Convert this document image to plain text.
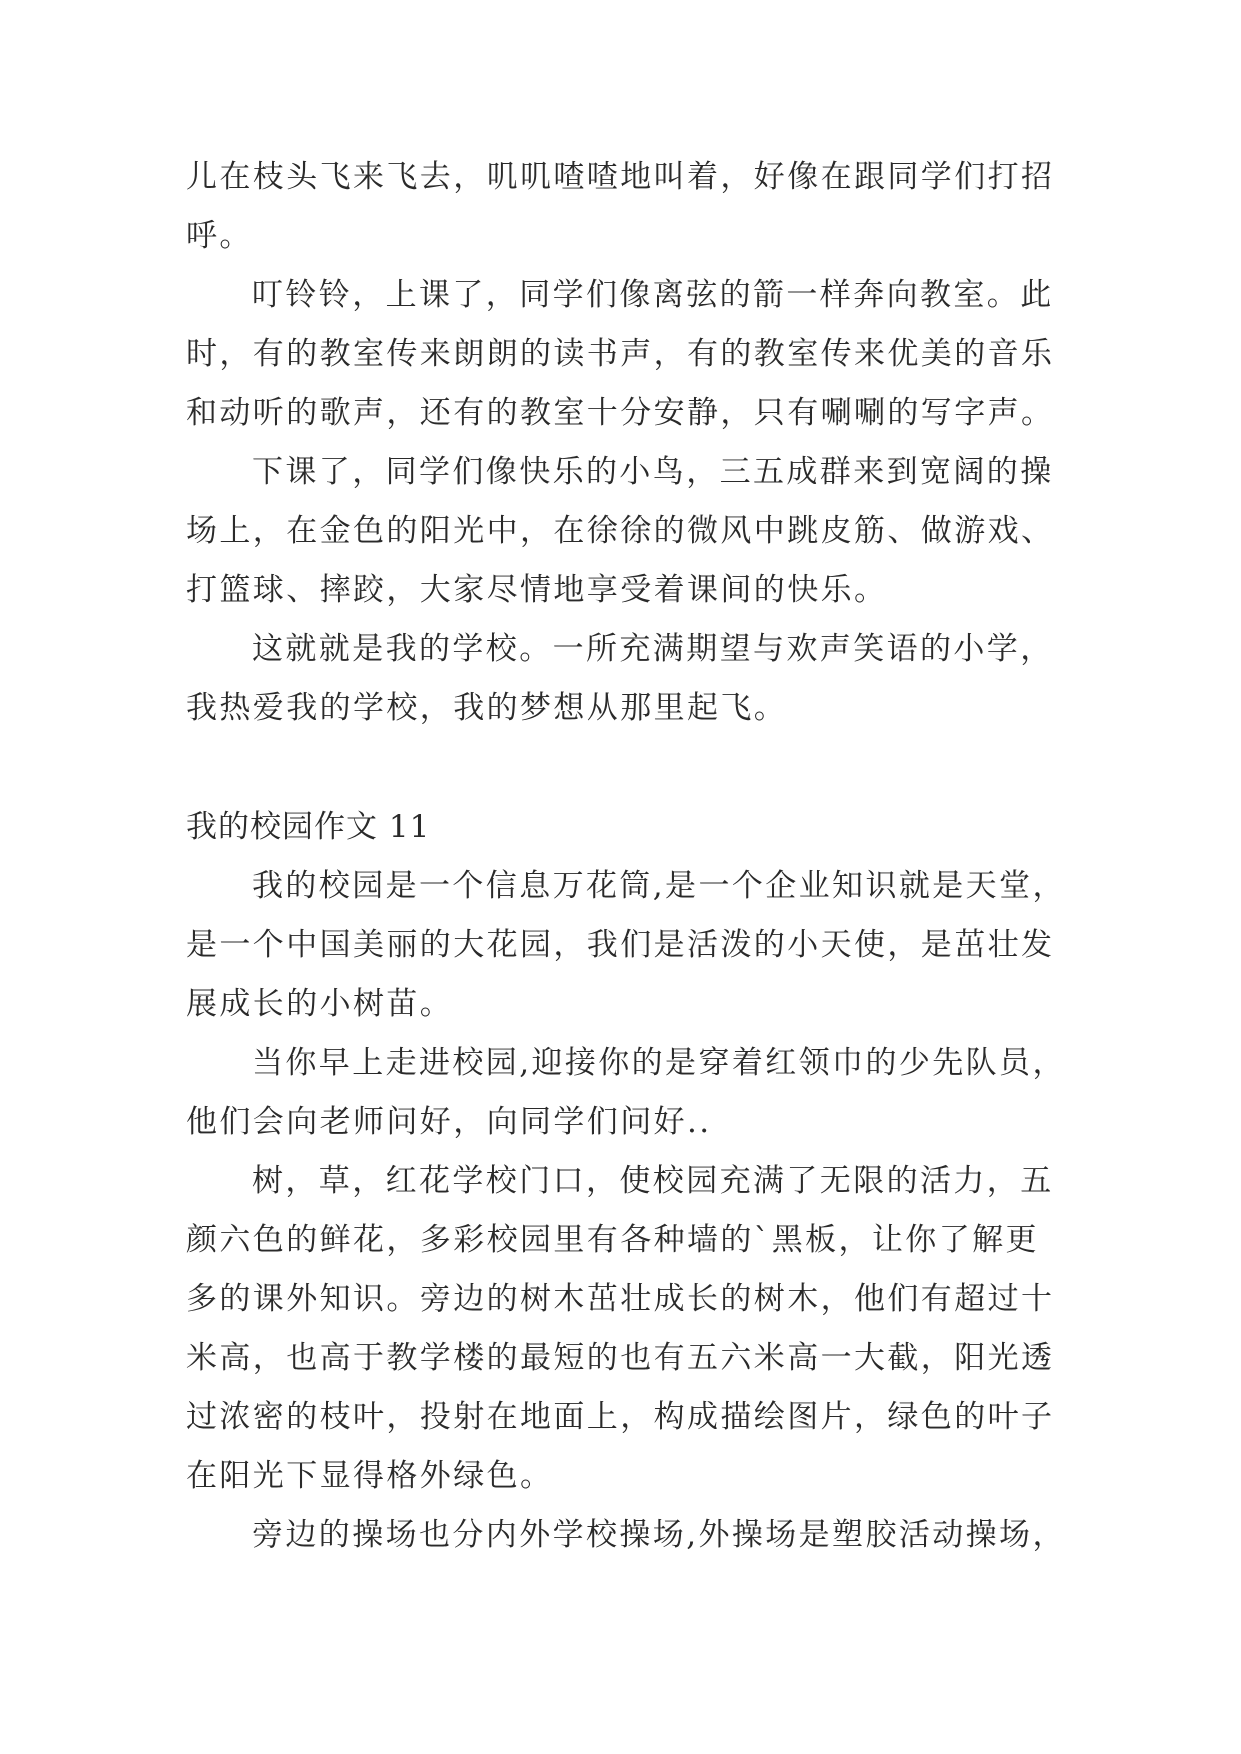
儿在枝头飞来飞去，叽叽喳喳地叫着，好像在跟同学们打招
呼。
叮铃铃，上课了，同学们像离弦的箭一样奔向教室。此
时，有的教室传来朗朗的读书声，有的教室传来优美的音乐
和动听的歌声，还有的教室十分安静，只有唰唰的写字声。
下课了，同学们像快乐的小鸟，三五成群来到宽阔的操
场上，在金色的阳光中，在徐徐的微风中跳皮筋、做游戏、
打篮球、摔跤，大家尽情地享受着课间的快乐。
这就就是我的学校。一所充满期望与欢声笑语的小学，
我热爱我的学校，我的梦想从那里起飞。
我的校园作文 11
我的校园是一个信息万花筒,是一个企业知识就是天堂，
是一个中国美丽的大花园，我们是活泼的小天使，是茁壮发
展成长的小树苗。
当你早上走进校园,迎接你的是穿着红领巾的少先队员，
他们会向老师问好，向同学们问好..
树，草，红花学校门口，使校园充满了无限的活力，五
颜六色的鲜花，多彩校园里有各种墙的`黑板，让你了解更
多的课外知识。旁边的树木茁壮成长的树木，他们有超过十
米高，也高于教学楼的最短的也有五六米高一大截，阳光透
过浓密的枝叶，投射在地面上，构成描绘图片，绿色的叶子
在阳光下显得格外绿色。
旁边的操场也分内外学校操场,外操场是塑胶活动操场，
